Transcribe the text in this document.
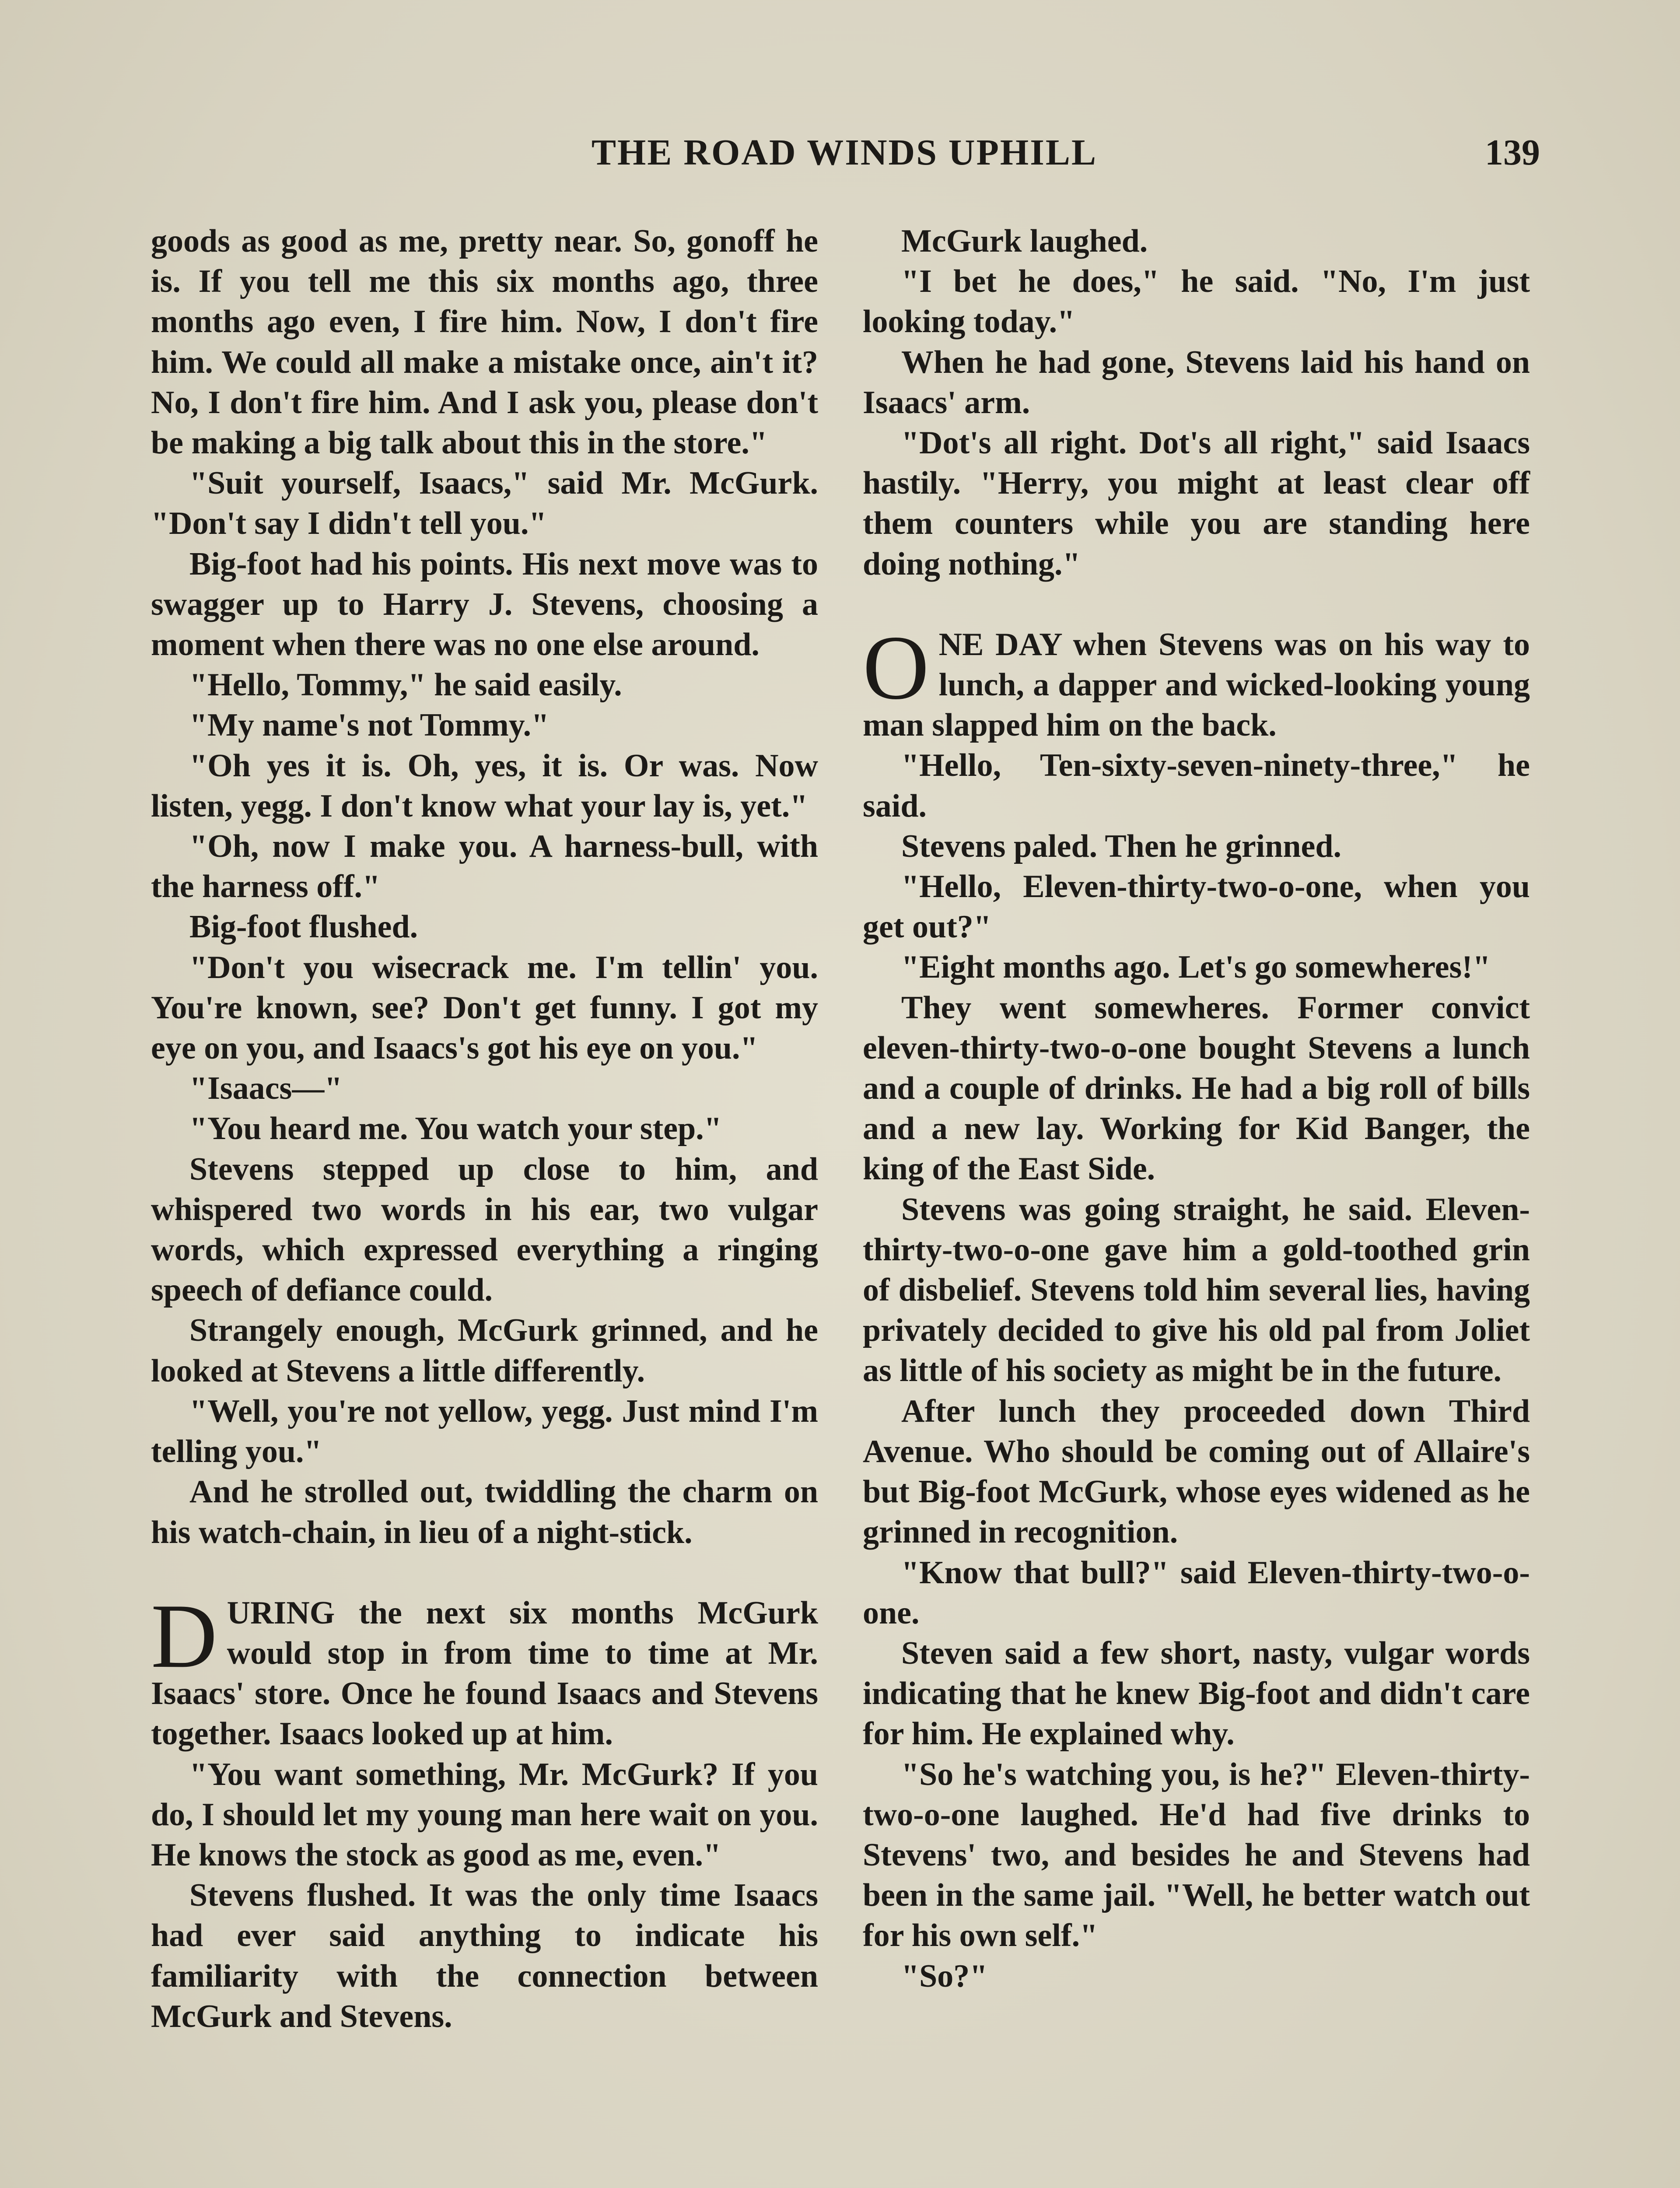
THE ROAD WINDS UPHILL	139

goods as good as me, pretty near. So, gonoff he is. If you tell me this six months ago, three months ago even, I fire him. Now, I don't fire him. We could all make a mistake once, ain't it? No, I don't fire him. And I ask you, please don't be making a big talk about this in the store."

"Suit yourself, Isaacs," said Mr. McGurk. "Don't say I didn't tell you."

Big-foot had his points. His next move was to swagger up to Harry J. Stevens, choosing a moment when there was no one else around.

"Hello, Tommy," he said easily.

"My name's not Tommy."

"Oh yes it is. Oh, yes, it is. Or was. Now listen, yegg. I don't know what your lay is, yet."

"Oh, now I make you. A harness-bull, with the harness off."

Big-foot flushed.

"Don't you wisecrack me. I'm tellin' you. You're known, see? Don't get funny. I got my eye on you, and Isaacs's got his eye on you."

"Isaacs—"

"You heard me. You watch your step."

Stevens stepped up close to him, and whispered two words in his ear, two vulgar words, which expressed everything a ringing speech of defiance could.

Strangely enough, McGurk grinned, and he looked at Stevens a little differently.

"Well, you're not yellow, yegg. Just mind I'm telling you."

And he strolled out, twiddling the charm on his watch-chain, in lieu of a night-stick.

DURING the next six months McGurk would stop in from time to time at Mr. Isaacs' store. Once he found Isaacs and Stevens together. Isaacs looked up at him.

"You want something, Mr. McGurk? If you do, I should let my young man here wait on you. He knows the stock as good as me, even."

Stevens flushed. It was the only time Isaacs had ever said anything to indicate his familiarity with the connection between McGurk and Stevens.

McGurk laughed.

"I bet he does," he said. "No, I'm just looking today."

When he had gone, Stevens laid his hand on Isaacs' arm.

"Dot's all right. Dot's all right," said Isaacs hastily. "Herry, you might at least clear off them counters while you are standing here doing nothing."

ONE DAY when Stevens was on his way to lunch, a dapper and wicked-looking young man slapped him on the back.

"Hello, Ten-sixty-seven-ninety-three," he said.

Stevens paled. Then he grinned.

"Hello, Eleven-thirty-two-o-one, when you get out?"

"Eight months ago. Let's go somewheres!"

They went somewheres. Former convict eleven-thirty-two-o-one bought Stevens a lunch and a couple of drinks. He had a big roll of bills and a new lay. Working for Kid Banger, the king of the East Side.

Stevens was going straight, he said. Eleven-thirty-two-o-one gave him a gold-toothed grin of disbelief. Stevens told him several lies, having privately decided to give his old pal from Joliet as little of his society as might be in the future.

After lunch they proceeded down Third Avenue. Who should be coming out of Allaire's but Big-foot McGurk, whose eyes widened as he grinned in recognition.

"Know that bull?" said Eleven-thirty-two-o-one.

Steven said a few short, nasty, vulgar words indicating that he knew Big-foot and didn't care for him. He explained why.

"So he's watching you, is he?" Eleven-thirty-two-o-one laughed. He'd had five drinks to Stevens' two, and besides he and Stevens had been in the same jail. "Well, he better watch out for his own self."

"So?"
